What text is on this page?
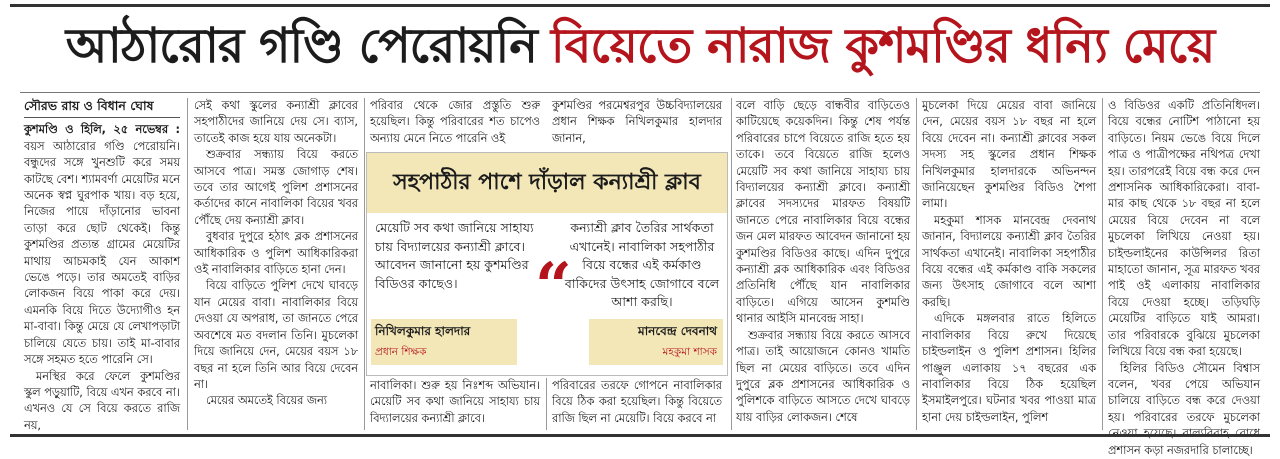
আঠারোর গণ্ডি পেরোয়নি বিয়েতে নারাজ কুশমণ্ডির ধন্যি মেয়ে
সৌরভ রায় ও বিধান ঘোষ

কুশমণ্ডি ও হিলি, ২৫ নভেম্বর : বয়স আঠারোর গণ্ডি পেরোয়নি। বন্ধুদের সঙ্গে খুনশুটি করে সময় কাটছে বেশ। শ্যামবর্ণা মেয়েটির মনে অনেক স্বপ্ন ঘুরপাক খায়। বড় হয়ে, নিজের পায়ে দাঁড়ানোর ভাবনা তাড়া করে ছোট থেকেই। কিন্তু কুশমণ্ডির প্রত্যন্ত গ্রামের মেয়েটির মাথায় আচমকাই যেন আকাশ ভেঙে পড়ে। তার অমতেই বাড়ির লোকজন বিয়ে পাকা করে দেয়। এমনকি বিয়ে দিতে উদ্যোগীও হন মা-বাবা। কিন্তু মেয়ে যে লেখাপড়াটা চালিয়ে যেতে চায়। তাই মা-বাবার সঙ্গে সহমত হতে পারেনি সে।

মনস্থির করে ফেলে কুশমণ্ডির স্কুল পড়ুয়াটি, বিয়ে এখন করবে না। এখনও যে সে বিয়ে করতে রাজি নয়,

সেই কথা স্কুলের কন্যাশ্রী ক্লাবের সহপাঠীদের জানিয়ে দেয় সে। ব্যাস, তাতেই কাজ হয়ে যায় অনেকটা।

শুক্রবার সন্ধ্যায় বিয়ে করতে আসবে পাত্র। সমস্ত জোগাড় শেষ। তবে তার আগেই পুলিশ প্রশাসনের কর্তাদের কানে নাবালিকা বিয়ের খবর পৌঁছে দেয় কন্যাশ্রী ক্লাব।

বুধবার দুপুরে হঠাৎ ব্লক প্রশাসনের আধিকারিক ও পুলিশ আধিকারিকরা ওই নাবালিকার বাড়িতে হানা দেন।

বিয়ে বাড়িতে পুলিশ দেখে ঘাবড়ে যান মেয়ের বাবা। নাবালিকার বিয়ে দেওয়া যে অপরাধ, তা জানতে পেরে অবশেষে মত বদলান তিনি। মুচলেকা দিয়ে জানিয়ে দেন, মেয়ের বয়স ১৮ বছর না হলে তিনি আর বিয়ে দেবেন না।

মেয়ের অমতেই বিয়ের জন্য

পরিবার থেকে জোর প্রস্তুতি শুরু হয়েছিল। কিন্তু পরিবারের শত চাপেও অন্যায় মেনে নিতে পারেনি ওই

কুশমণ্ডির পরমেশ্বরপুর উচ্চবিদ্যালয়ের প্রধান শিক্ষক নিখিলকুমার হালদার জানান,

সহপাঠীর পাশে দাঁড়াল কন্যাশ্রী ক্লাব
মেয়েটি সব কথা জানিয়ে সাহায্য চায় বিদ্যালয়ের কন্যাশ্রী ক্লাবে। আবেদন জানানো হয় কুশমণ্ডির বিডিওর কাছেও।	“
কন্যাশ্রী ক্লাব তৈরির সার্থকতা এখানেই। নাবালিকা সহপাঠীর বিয়ে বন্ধের এই কর্মকাণ্ড বাকিদের উৎসাহ জোগাবে বলে আশা করছি।
নিখিলকুমার হালদার
প্রধান শিক্ষক
মানবেন্দ্র দেবনাথ
মহকুমা শাসক

নাবালিকা। শুরু হয় নিঃশব্দ অভিযান। মেয়েটি সব কথা জানিয়ে সাহায্য চায় বিদ্যালয়ের কন্যাশ্রী ক্লাবে।

পরিবারের তরফে গোপনে নাবালিকার বিয়ে ঠিক করা হয়েছিল। কিন্তু বিয়েতে রাজি ছিল না মেয়েটি। বিয়ে করবে না

বলে বাড়ি ছেড়ে বান্ধবীর বাড়িতেও কাটিয়েছে কয়েকদিন। কিন্তু শেষ পর্যন্ত পরিবারের চাপে বিয়েতে রাজি হতে হয় তাকে। তবে বিয়েতে রাজি হলেও মেয়েটি সব কথা জানিয়ে সাহায্য চায় বিদ্যালয়ের কন্যাশ্রী ক্লাবে। কন্যাশ্রী ক্লাবের সদস্যদের মারফত বিষয়টি জানতে পেরে নাবালিকার বিয়ে বন্ধের জন মেল মারফত আবেদন জানানো হয় কুশমণ্ডির বিডিওর কাছে। এদিন দুপুরে কন্যাশ্রী ব্লক আধিকারিক এবং বিডিওর প্রতিনিধি পৌঁছে যান নাবালিকার বাড়িতে। এগিয়ে আসেন কুশমণ্ডি থানার আইসি মানবেন্দ্র সাহা।

শুক্রবার সন্ধ্যায় বিয়ে করতে আসবে পাত্র। তাই আয়োজনে কোনও খামতি ছিল না মেয়ের বাড়িতে। তবে এদিন দুপুরে ব্লক প্রশাসনের আধিকারিক ও পুলিশকে বাড়িতে আসতে দেখে ঘাবড়ে যায় বাড়ির লোকজন। শেষে

মুচলেকা দিয়ে মেয়ের বাবা জানিয়ে দেন, মেয়ের বয়স ১৮ বছর না হলে বিয়ে দেবেন না। কন্যাশ্রী ক্লাবের সকল সদস্য সহ স্কুলের প্রধান শিক্ষক নিখিলকুমার হালদারকে অভিনন্দন জানিয়েছেন কুশমণ্ডির বিডিও শৈপা লামা।

মহকুমা শাসক মানবেন্দ্র দেবনাথ জানান, বিদ্যালয়ে কন্যাশ্রী ক্লাব তৈরির সার্থকতা এখানেই। নাবালিকা সহপাঠীর বিয়ে বন্ধের এই কর্মকাণ্ড বাকি সকলের জন্য উৎসাহ জোগাবে বলে আশা করছি।

এদিকে মঙ্গলবার রাতে হিলিতে নাবালিকার বিয়ে রুখে দিয়েছে চাইল্ডলাইন ও পুলিশ প্রশাসন। হিলির পাঞ্জুল এলাকায় ১৭ বছরের এক নাবালিকার বিয়ে ঠিক হয়েছিল ইসমাইলপুরে। ঘটনার খবর পাওয়া মাত্র হানা দেয় চাইল্ডলাইন, পুলিশ

ও বিডিওর একটি প্রতিনিধিদল। বিয়ে বন্ধের নোটিশ পাঠানো হয় বাড়িতে। নিয়ম ভেঙে বিয়ে দিলে পাত্র ও পাত্রীপক্ষের নথিপত্র দেখা হয়। তারপরেই বিয়ে বন্ধ করে দেন প্রশাসনিক আধিকারিকেরা। বাবা-মার কাছ থেকে ১৮ বছর না হলে মেয়ের বিয়ে দেবেন না বলে মুচলেকা লিখিয়ে নেওয়া হয়। চাইল্ডলাইনের কাউন্সিলর রিতা মাহাতো জানান, সূত্র মারফত খবর পাই ওই এলাকায় নাবালিকার বিয়ে দেওয়া হচ্ছে। তড়িঘড়ি মেয়েটির বাড়িতে যাই আমরা। তার পরিবারকে বুঝিয়ে মুচলেকা লিখিয়ে বিয়ে বন্ধ করা হয়েছে।

হিলির বিডিও সৌমেন বিশ্বাস বলেন, খবর পেয়ে অভিযান চালিয়ে বাড়িতে বন্ধ করে দেওয়া হয়। পরিবারের তরফে মুচলেকা প্রশাসন কড়া নজরদারি চালাচ্ছে।
